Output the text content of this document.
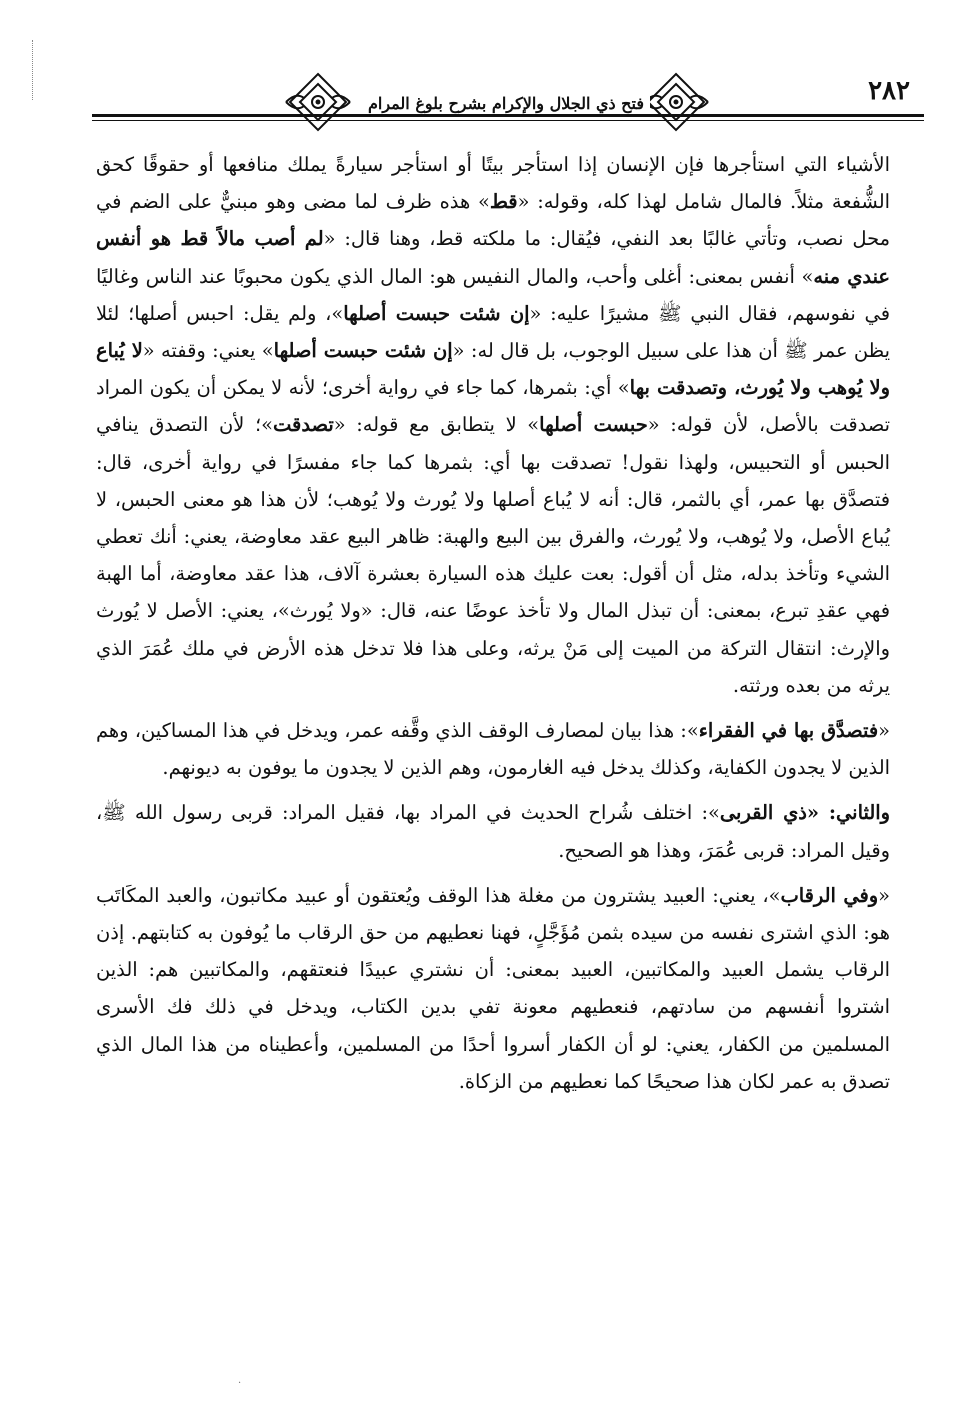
فتح ذي الجلال والإكرام بشرح بلوغ المرام	٢٨٢

الأشياء التي استأجرها فإن الإنسان إذا استأجر بيتًا أو استأجر سيارةً يملك منافعها أو حقوقًا كحق الشُّفعة مثلاً. فالمال شامل لهذا كله، وقوله: «قط» هذه ظرف لما مضى وهو مبنيٌّ على الضم في محل نصب، وتأتي غالبًا بعد النفي، فيُقال: ما ملكته قط، وهنا قال: «لم أصب مالاً قط هو أنفس عندي منه» أنفس بمعنى: أغلى وأحب، والمال النفيس هو: المال الذي يكون محبوبًا عند الناس وغاليًا في نفوسهم، فقال النبي ﷺ مشيرًا عليه: «إن شئت حبست أصلها»، ولم يقل: احبس أصلها؛ لئلا يظن عمر ﷺ أن هذا على سبيل الوجوب، بل قال له: «إن شئت حبست أصلها» يعني: وقفته «لا يُباع ولا يُوهب ولا يُورث، وتصدقت بها» أي: بثمرها، كما جاء في رواية أخرى؛ لأنه لا يمكن أن يكون المراد تصدقت بالأصل، لأن قوله: «حبست أصلها» لا يتطابق مع قوله: «تصدقت»؛ لأن التصدق ينافي الحبس أو التحبيس، ولهذا نقول! تصدقت بها أي: بثمرها كما جاء مفسرًا في رواية أخرى، قال: فتصدَّق بها عمر، أي بالثمر، قال: أنه لا يُباع أصلها ولا يُورث ولا يُوهب؛ لأن هذا هو معنى الحبس، لا يُباع الأصل، ولا يُوهب، ولا يُورث، والفرق بين البيع والهبة: ظاهر البيع عقد معاوضة، يعني: أنك تعطي الشيء وتأخذ بدله، مثل أن أقول: بعت عليك هذه السيارة بعشرة آلاف، هذا عقد معاوضة، أما الهبة فهي عقدِ تبرع، بمعنى: أن تبذل المال ولا تأخذ عوضًا عنه، قال: «ولا يُورث»، يعني: الأصل لا يُورث والإرث: انتقال التركة من الميت إلى مَنْ يرثه، وعلى هذا فلا تدخل هذه الأرض في ملك عُمَرَ الذي يرثه من بعده ورثته.

«فتصدَّق بها في الفقراء»: هذا بيان لمصارف الوقف الذي وقَّفه عمر، ويدخل في هذا المساكين، وهم الذين لا يجدون الكفاية، وكذلك يدخل فيه الغارمون، وهم الذين لا يجدون ما يوفون به ديونهم.

والثاني: «ذي القربى»: اختلف شُراح الحديث في المراد بها، فقيل المراد: قربى رسول الله ﷺ، وقيل المراد: قربى عُمَرَ، وهذا هو الصحيح.

«وفي الرقاب»، يعني: العبيد يشترون من مغلة هذا الوقف ويُعتقون أو عبيد مكاتبون، والعبد المكَاتَب هو: الذي اشترى نفسه من سيده بثمن مُؤَجَّلٍ، فهنا نعطيهم من حق الرقاب ما يُوفون به كتابتهم. إذن الرقاب يشمل العبيد والمكاتبين، العبيد بمعنى: أن نشتري عبيدًا فنعتقهم، والمكاتبين هم: الذين اشتروا أنفسهم من سادتهم، فنعطيهم معونة تفي بدين الكتاب، ويدخل في ذلك فك الأسرى المسلمين من الكفار، يعني: لو أن الكفار أسروا أحدًا من المسلمين، وأعطيناه من هذا المال الذي تصدق به عمر لكان هذا صحيحًا كما نعطيهم من الزكاة.

·
